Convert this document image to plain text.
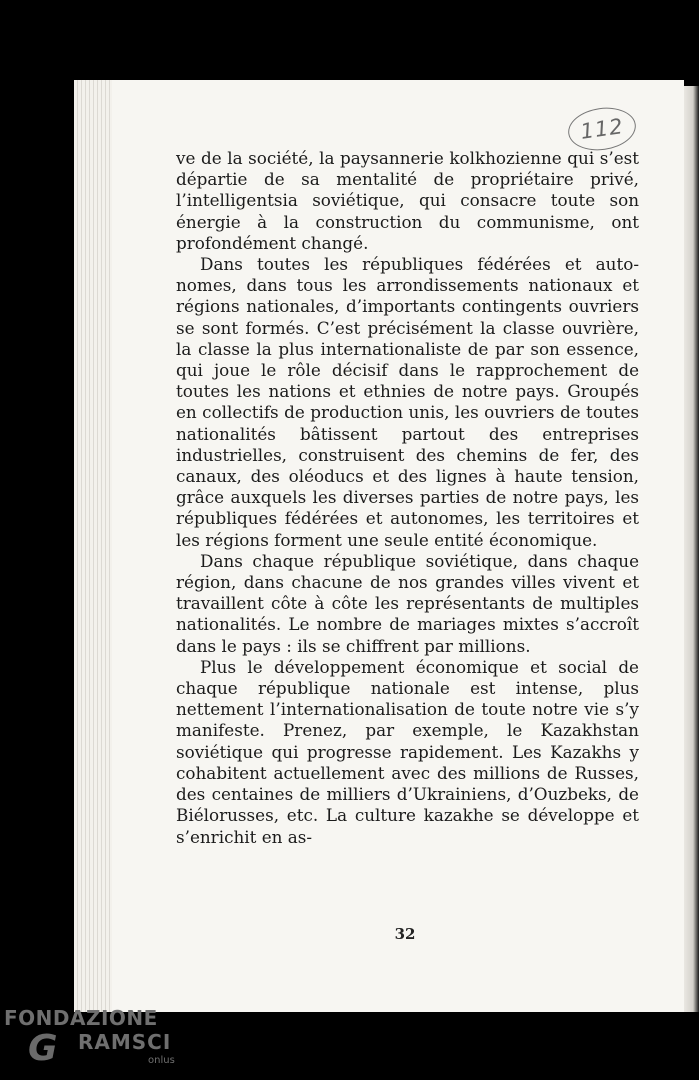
112

ve de la société, la paysannerie kolkhozienne qui s’est départie de sa mentalité de propriétaire privé, l’intelligentsia soviétique, qui consacre toute son énergie à la construction du communisme, ont profondément changé.

Dans toutes les républiques fédérées et autonomes, dans tous les arrondissements nationaux et régions nationales, d’importants contingents ouvriers se sont formés. C’est précisément la classe ouvrière, la classe la plus internationaliste de par son essence, qui joue le rôle décisif dans le rapprochement de toutes les nations et ethnies de notre pays. Groupés en collectifs de production unis, les ouvriers de toutes nationalités bâtissent partout des entreprises industrielles, construisent des chemins de fer, des canaux, des oléoducs et des lignes à haute tension, grâce auxquels les diverses parties de notre pays, les républiques fédérées et autonomes, les territoires et les régions forment une seule entité économique.

Dans chaque république soviétique, dans chaque région, dans chacune de nos grandes villes vivent et travaillent côte à côte les représentants de multiples nationalités. Le nombre de mariages mixtes s’accroît dans le pays : ils se chiffrent par millions.

Plus le développement économique et social de chaque république nationale est intense, plus nettement l’internationalisation de toute notre vie s’y manifeste. Prenez, par exemple, le Kazakhstan soviétique qui progresse rapidement. Les Kazakhs y cohabitent actuellement avec des millions de Russes, des centaines de milliers d’Ukrainiens, d’Ouzbeks, de Biélorusses, etc. La culture kazakhe se développe et s’enrichit en as-

32
FONDAZIONE
G RAMSCI
onlus
